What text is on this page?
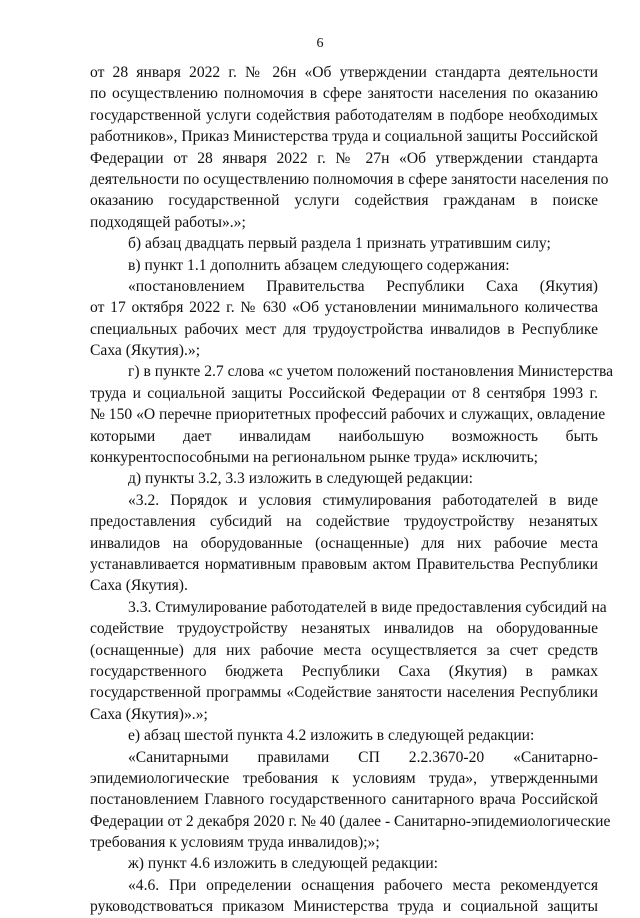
6
от 28 января 2022 г. № 26н «Об утверждении стандарта деятельности
по осуществлению полномочия в сфере занятости населения по оказанию
государственной услуги содействия работодателям в подборе необходимых
работников», Приказ Министерства труда и социальной защиты Российской
Федерации от 28 января 2022 г. № 27н «Об утверждении стандарта
деятельности по осуществлению полномочия в сфере занятости населения по
оказанию государственной услуги содействия гражданам в поиске
подходящей работы».»;
б) абзац двадцать первый раздела 1 признать утратившим силу;
в) пункт 1.1 дополнить абзацем следующего содержания:
«постановлением Правительства Республики Саха (Якутия)
от 17 октября 2022 г. № 630 «Об установлении минимального количества
специальных рабочих мест для трудоустройства инвалидов в Республике
Саха (Якутия).»;
г) в пункте 2.7 слова «с учетом положений постановления Министерства
труда и социальной защиты Российской Федерации от 8 сентября 1993 г.
№ 150 «О перечне приоритетных профессий рабочих и служащих, овладение
которыми дает инвалидам наибольшую возможность быть
конкурентоспособными на региональном рынке труда» исключить;
д) пункты 3.2, 3.3 изложить в следующей редакции:
«3.2. Порядок и условия стимулирования работодателей в виде
предоставления субсидий на содействие трудоустройству незанятых
инвалидов на оборудованные (оснащенные) для них рабочие места
устанавливается нормативным правовым актом Правительства Республики
Саха (Якутия).
3.3. Стимулирование работодателей в виде предоставления субсидий на
содействие трудоустройству незанятых инвалидов на оборудованные
(оснащенные) для них рабочие места осуществляется за счет средств
государственного бюджета Республики Саха (Якутия) в рамках
государственной программы «Содействие занятости населения Республики
Саха (Якутия)».»;
е) абзац шестой пункта 4.2 изложить в следующей редакции:
«Санитарными правилами СП 2.2.3670-20 «Санитарно-
эпидемиологические требования к условиям труда», утвержденными
постановлением Главного государственного санитарного врача Российской
Федерации от 2 декабря 2020 г. № 40 (далее - Санитарно-эпидемиологические
требования к условиям труда инвалидов);»;
ж) пункт 4.6 изложить в следующей редакции:
«4.6. При определении оснащения рабочего места рекомендуется
руководствоваться приказом Министерства труда и социальной защиты
